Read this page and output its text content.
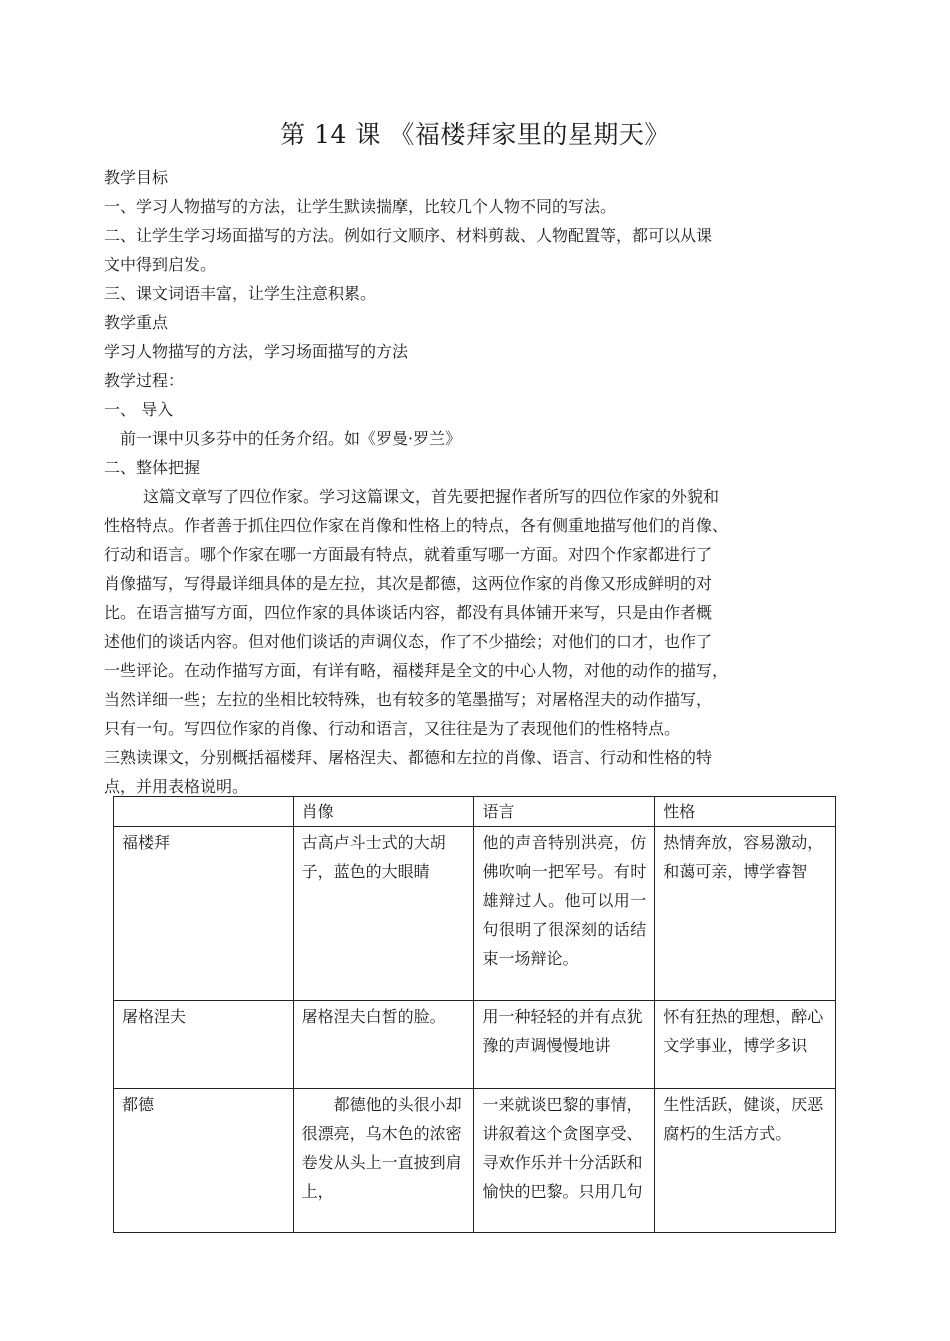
第 14 课 《福楼拜家里的星期天》
教学目标
一、学习人物描写的方法，让学生默读揣摩，比较几个人物不同的写法。
二、让学生学习场面描写的方法。例如行文顺序、材料剪裁、人物配置等，都可以从课
文中得到启发。
三、课文词语丰富，让学生注意积累。
教学重点
学习人物描写的方法，学习场面描写的方法
教学过程：
一、 导入
前一课中贝多芬中的任务介绍。如《罗曼·罗兰》
二、整体把握
这篇文章写了四位作家。学习这篇课文，首先要把握作者所写的四位作家的外貌和
性格特点。作者善于抓住四位作家在肖像和性格上的特点，各有侧重地描写他们的肖像、
行动和语言。哪个作家在哪一方面最有特点，就着重写哪一方面。对四个作家都进行了
肖像描写，写得最详细具体的是左拉，其次是都德，这两位作家的肖像又形成鲜明的对
比。在语言描写方面，四位作家的具体谈话内容，都没有具体铺开来写，只是由作者概
述他们的谈话内容。但对他们谈话的声调仪态，作了不少描绘；对他们的口才，也作了
一些评论。在动作描写方面，有详有略，福楼拜是全文的中心人物，对他的动作的描写，
当然详细一些；左拉的坐相比较特殊，也有较多的笔墨描写；对屠格涅夫的动作描写，
只有一句。写四位作家的肖像、行动和语言，又往往是为了表现他们的性格特点。
三熟读课文，分别概括福楼拜、屠格涅夫、都德和左拉的肖像、语言、行动和性格的特
点，并用表格说明。
	肖像	语言	性格
福楼拜	古高卢斗士式的大胡子，蓝色的大眼睛	他的声音特别洪亮，仿佛吹响一把军号。有时雄辩过人。他可以用一句很明了很深刻的话结束一场辩论。	热情奔放，容易激动，和蔼可亲，博学睿智
屠格涅夫	屠格涅夫白皙的脸。	用一种轻轻的并有点犹豫的声调慢慢地讲	怀有狂热的理想，醉心文学事业，博学多识
都德	都德他的头很小却很漂亮，乌木色的浓密卷发从头上一直披到肩上，	一来就谈巴黎的事情，讲叙着这个贪图享受、寻欢作乐并十分活跃和愉快的巴黎。只用几句	生性活跃，健谈，厌恶腐朽的生活方式。
